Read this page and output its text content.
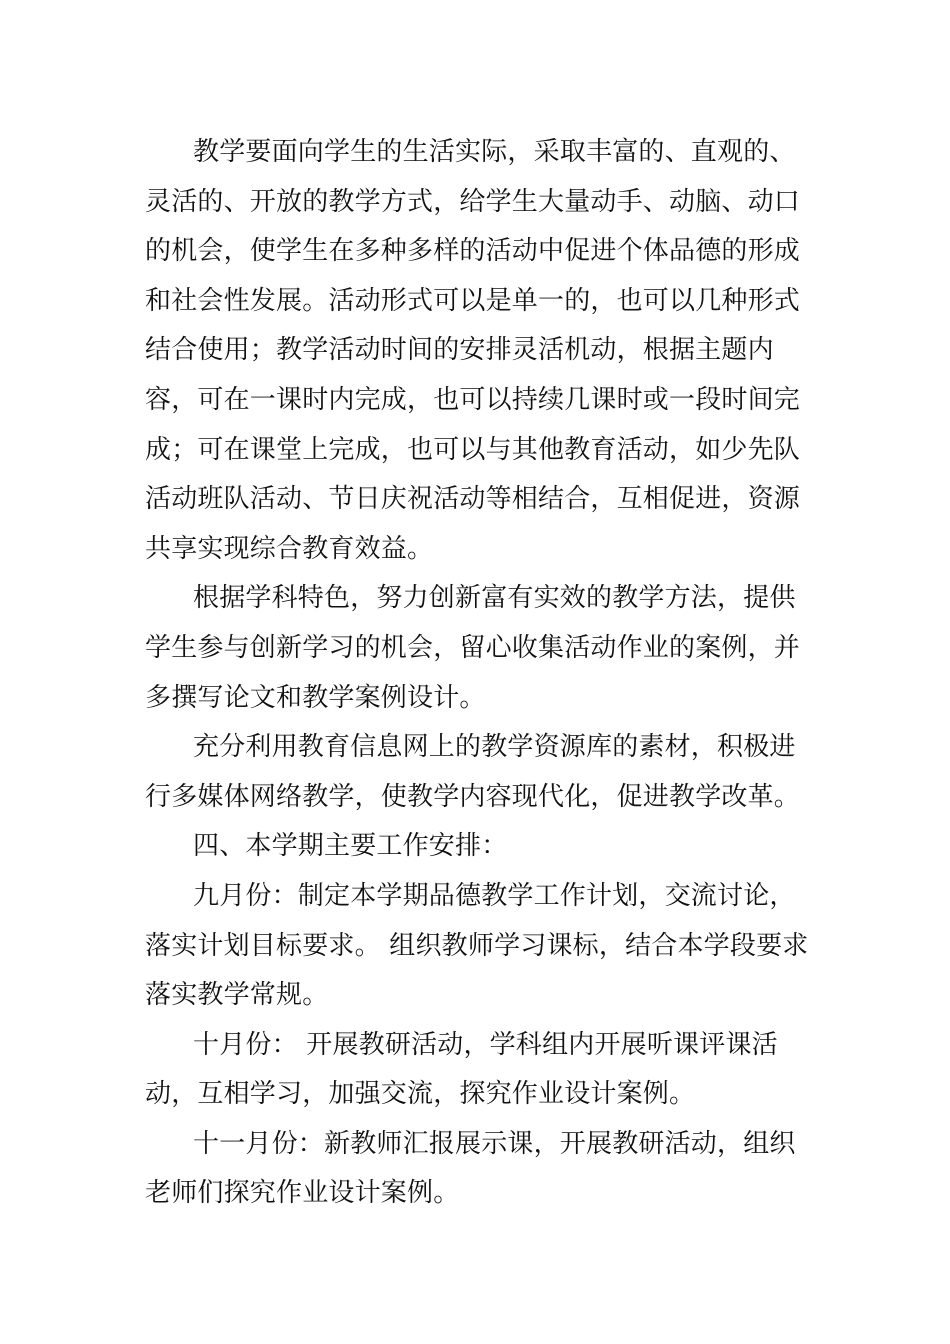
教学要面向学生的生活实际，采取丰富的、直观的、灵活的、开放的教学方式，给学生大量动手、动脑、动口的机会，使学生在多种多样的活动中促进个体品德的形成和社会性发展。活动形式可以是单一的，也可以几种形式结合使用；教学活动时间的安排灵活机动，根据主题内容，可在一课时内完成，也可以持续几课时或一段时间完成；可在课堂上完成，也可以与其他教育活动，如少先队活动班队活动、节日庆祝活动等相结合，互相促进，资源共享实现综合教育效益。

根据学科特色，努力创新富有实效的教学方法，提供学生参与创新学习的机会，留心收集活动作业的案例，并多撰写论文和教学案例设计。

充分利用教育信息网上的教学资源库的素材，积极进行多媒体网络教学，使教学内容现代化，促进教学改革。

四、本学期主要工作安排：

九月份：制定本学期品德教学工作计划，交流讨论，落实计划目标要求。 组织教师学习课标，结合本学段要求落实教学常规。

十月份： 开展教研活动，学科组内开展听课评课活动，互相学习，加强交流，探究作业设计案例。

十一月份：新教师汇报展示课，开展教研活动，组织老师们探究作业设计案例。
